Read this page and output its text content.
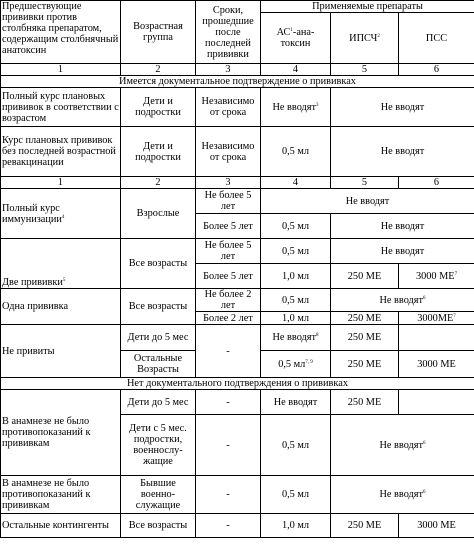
Предшествующие прививки против столбняка препаратом, содержащим столбнячный анатоксин	Возрастная группа	Сроки, прошедшие после последней прививки	Применяемые препараты		
			$АС^1-ана$-токсин	ИПСЧ$^2$	ПСС
1	2	3	4	5	6
Имеется документальное подтверждение о прививках					
Полный курс плановых прививок в соответствии с возрастом	Дети и подростки	Независимо от срока	Не вводят$^3$	Не вводят	
Курс плановых прививок без последней возрастной ревакцинации	Дети и подростки	Независимо от срока	0,5 мл	Не вводят	
1	2	3	4	5	6
Полный курс иммунизации$^4$	Взрослые	Не более 5 лет	Не вводят		
		Более 5 лет	0,5 мл	Не вводят	
Две прививки$^5$	Все возрасты	Не более 5 лет	0,5 мл	Не вводят	
		Более 5 лет	1,0 мл	250 МЕ	3000 $МЕ^7$
Одна прививка	Все возрасты	Не более 2 лет	0,5 мл	Не вводят$^6$
		Более 2 лет	1,0 мл	250 МЕ	$3000МЕ^7$
Не привиты	Дети до 5 мес	-	Не вводят$^8$	250 МЕ	
	Остальные Возрасты		0,5 мл$^{7, 9}$	250 МЕ	3000 МЕ
Нет документального подтверждения о прививках					
В анамнезе не было противопоказаний к прививкам	Дети до 5 мес	-	Не вводят	250 МЕ	
	Дети с 5 мес. подростки, военнослу-жащие	-	0,5 мл	Не вводят$^6$
В анамнезе не было противопоказаний к прививкам	Бывшие военно-служащие	-	0,5 мл	Не вводят$^6$
Остальные контингенты	Все возрасты	-	1,0 мл	250 МЕ	3000 МЕ
